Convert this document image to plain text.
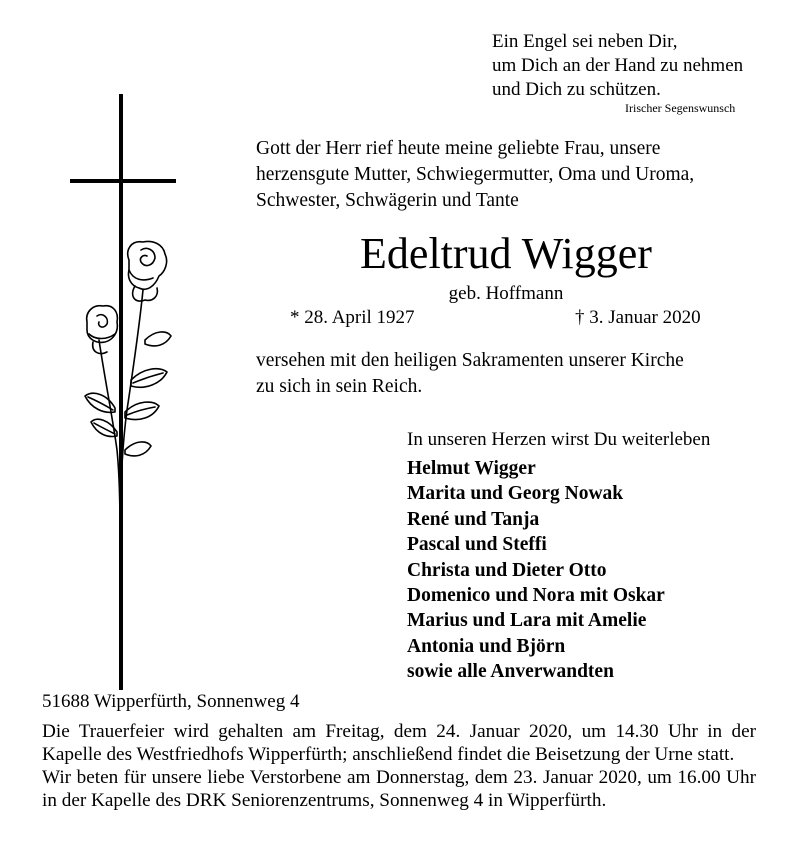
Ein Engel sei neben Dir,
um Dich an der Hand zu nehmen
und Dich zu schützen.
Irischer Segenswunsch
Gott der Herr rief heute meine geliebte Frau, unsere
herzensgute Mutter, Schwiegermutter, Oma und Uroma,
Schwester, Schwägerin und Tante
Edeltrud Wigger
geb. Hoffmann
* 28. April 1927	† 3. Januar 2020
versehen mit den heiligen Sakramenten unserer Kirche
zu sich in sein Reich.
In unseren Herzen wirst Du weiterleben
Helmut Wigger
Marita und Georg Nowak
René und Tanja
Pascal und Steffi
Christa und Dieter Otto
Domenico und Nora mit Oskar
Marius und Lara mit Amelie
Antonia und Björn
sowie alle Anverwandten
51688 Wipperfürth, Sonnenweg 4

Die Trauerfeier wird gehalten am Freitag, dem 24. Januar 2020, um 14.30 Uhr in der Kapelle des Westfriedhofs Wipperfürth; anschließend findet die Beisetzung der Urne statt.

Wir beten für unsere liebe Verstorbene am Donnerstag, dem 23. Januar 2020, um 16.00 Uhr in der Kapelle des DRK Seniorenzentrums, Sonnenweg 4 in Wipperfürth.
